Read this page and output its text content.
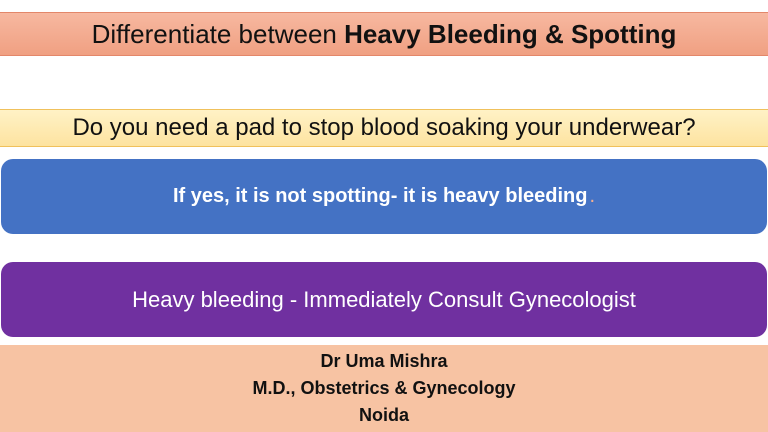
Differentiate between Heavy Bleeding & Spotting
Do you need a pad to stop blood soaking your underwear?
If yes, it is not spotting- it is heavy bleeding .
Heavy bleeding - Immediately Consult Gynecologist
Dr Uma Mishra
M.D., Obstetrics & Gynecology
Noida
